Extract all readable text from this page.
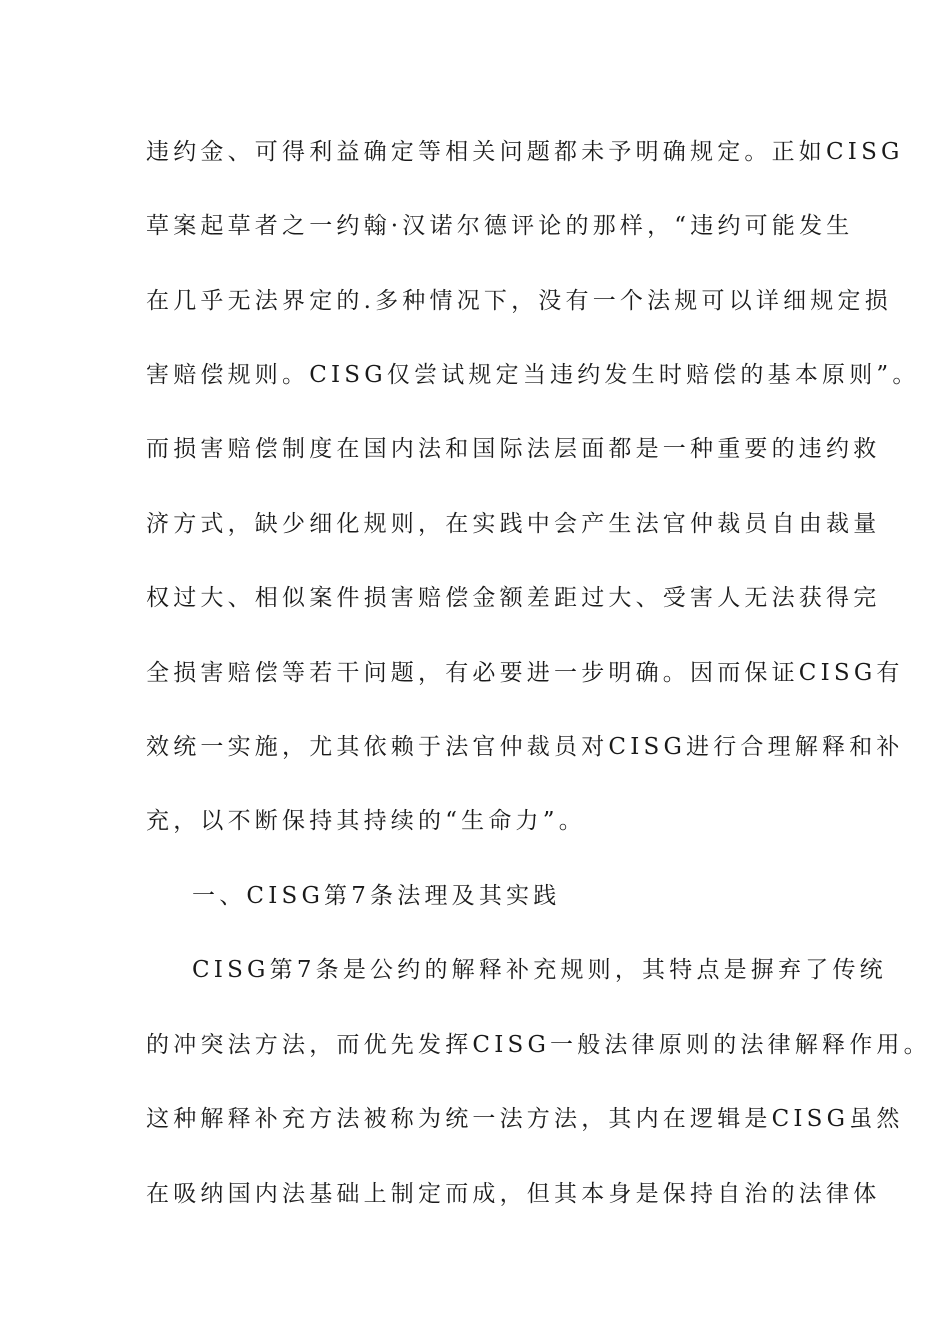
违约金、可得利益确定等相关问题都未予明确规定。正如CISG
草案起草者之一约翰·汉诺尔德评论的那样，“违约可能发生
在几乎无法界定的.多种情况下，没有一个法规可以详细规定损
害赔偿规则。CISG仅尝试规定当违约发生时赔偿的基本原则”。
而损害赔偿制度在国内法和国际法层面都是一种重要的违约救
济方式，缺少细化规则，在实践中会产生法官仲裁员自由裁量
权过大、相似案件损害赔偿金额差距过大、受害人无法获得完
全损害赔偿等若干问题，有必要进一步明确。因而保证CISG有
效统一实施，尤其依赖于法官仲裁员对CISG进行合理解释和补
充，以不断保持其持续的“生命力”。
一、CISG第7条法理及其实践
CISG第7条是公约的解释补充规则，其特点是摒弃了传统
的冲突法方法，而优先发挥CISG一般法律原则的法律解释作用。
这种解释补充方法被称为统一法方法，其内在逻辑是CISG虽然
在吸纳国内法基础上制定而成，但其本身是保持自治的法律体
